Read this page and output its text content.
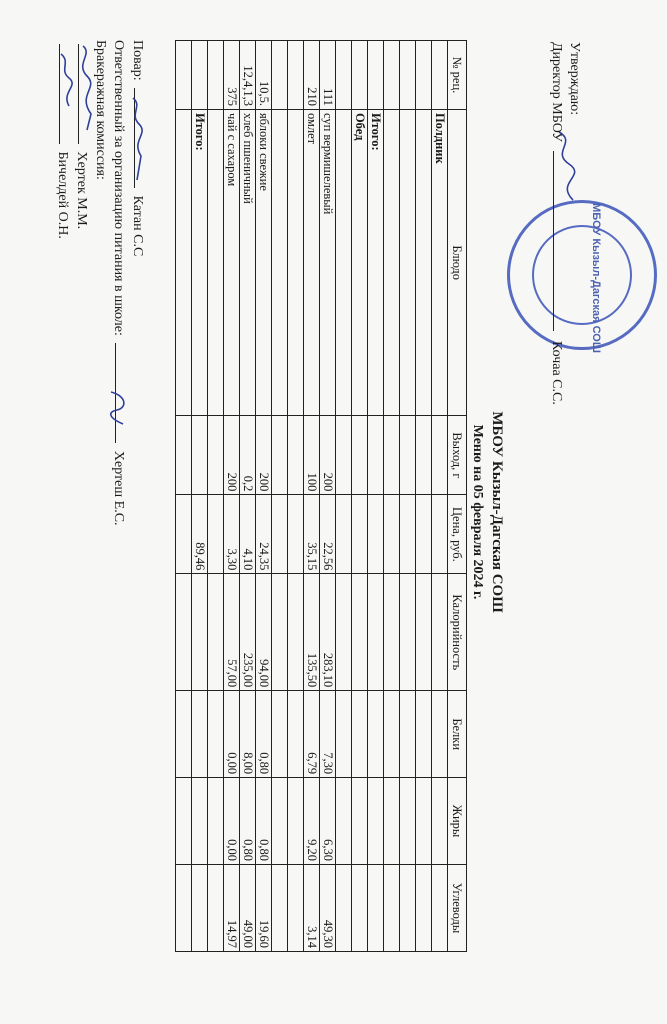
МБОУ Кызыл-Дагская СОШ
Утверждаю:
Директор МБОУ  Кочаа С.С.
МБОУ Кызыл-Дагская СОШ
Меню на 05 февраля 2024 г.
№ рец.	Блюдо	Выход, г	Цена, руб.	Калорийность	Белки	Жиры	Углеводы
	Полдник						

	Итого:						
	Обед						

111	суп вермишелевый	200	22,56	283,10	7,30	6,30	49,30
210	омлет	100	35,15	135,50	6,79	9,20	3,14

10,5.	яблоки свежие	200	24,35	94,00	0,80	0,80	19,60
12,4,1,3	хлеб пшеничный	0,2	4,10	235,00	8,00	0,80	49,00
375	чай с сахаром	200	3,30	57,00	0,00	0,00	14,97

	Итого:		89,46				

Повар:  Катан С.С
Ответственный за организацию питания в школе:  Хертеш Е.С.
Бракеражная комиссия:
Хертек М.М.
Бичелдей О.Н.
